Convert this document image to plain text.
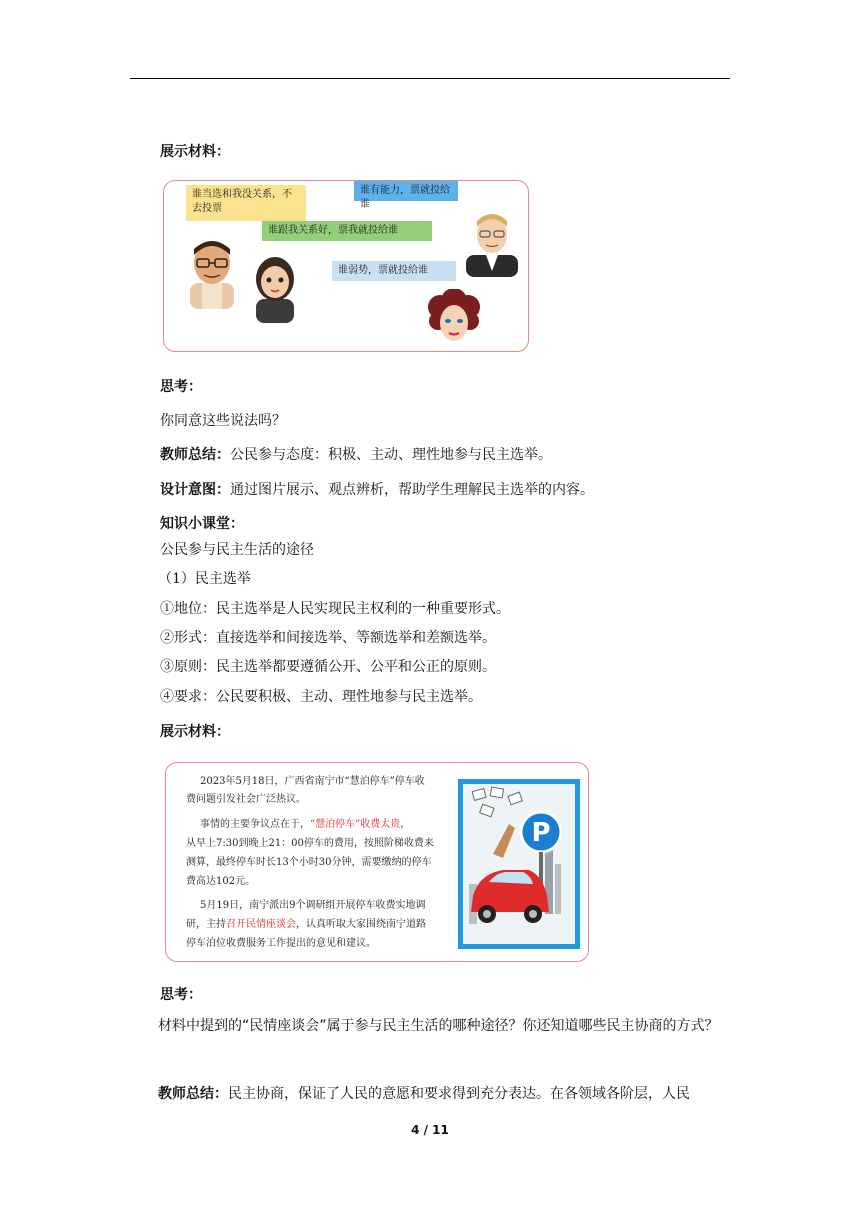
展示材料：
谁当选和我没关系，不去投票
谁有能力，票就投给谁
谁跟我关系好，票我就投给谁
谁弱势，票就投给谁
思考：
你同意这些说法吗？
教师总结：公民参与态度：积极、主动、理性地参与民主选举。
设计意图：通过图片展示、观点辨析，帮助学生理解民主选举的内容。
知识小课堂：
公民参与民主生活的途径
（1）民主选举
①地位：民主选举是人民实现民主权利的一种重要形式。
②形式：直接选举和间接选举、等额选举和差额选举。
③原则：民主选举都要遵循公开、公平和公正的原则。
④要求：公民要积极、主动、理性地参与民主选举。
展示材料：
2023年5月18日，广西省南宁市“慧泊停车”停车收
费问题引发社会广泛热议。
事情的主要争议点在于，“慧泊停车”收费太贵，
从早上7:30到晚上21：00停车的费用，按照阶梯收费来
测算，最终停车时长13个小时30分钟，需要缴纳的停车
费高达102元。
5月19日，南宁派出9个调研组开展停车收费实地调
研，主持召开民情座谈会，认真听取大家围绕南宁道路
停车泊位收费服务工作提出的意见和建议。
P
思考：
材料中提到的“民情座谈会”属于参与民主生活的哪种途径？你还知道哪些民主协商的方式？
教师总结：民主协商，保证了人民的意愿和要求得到充分表达。在各领域各阶层，人民
4 / 11
